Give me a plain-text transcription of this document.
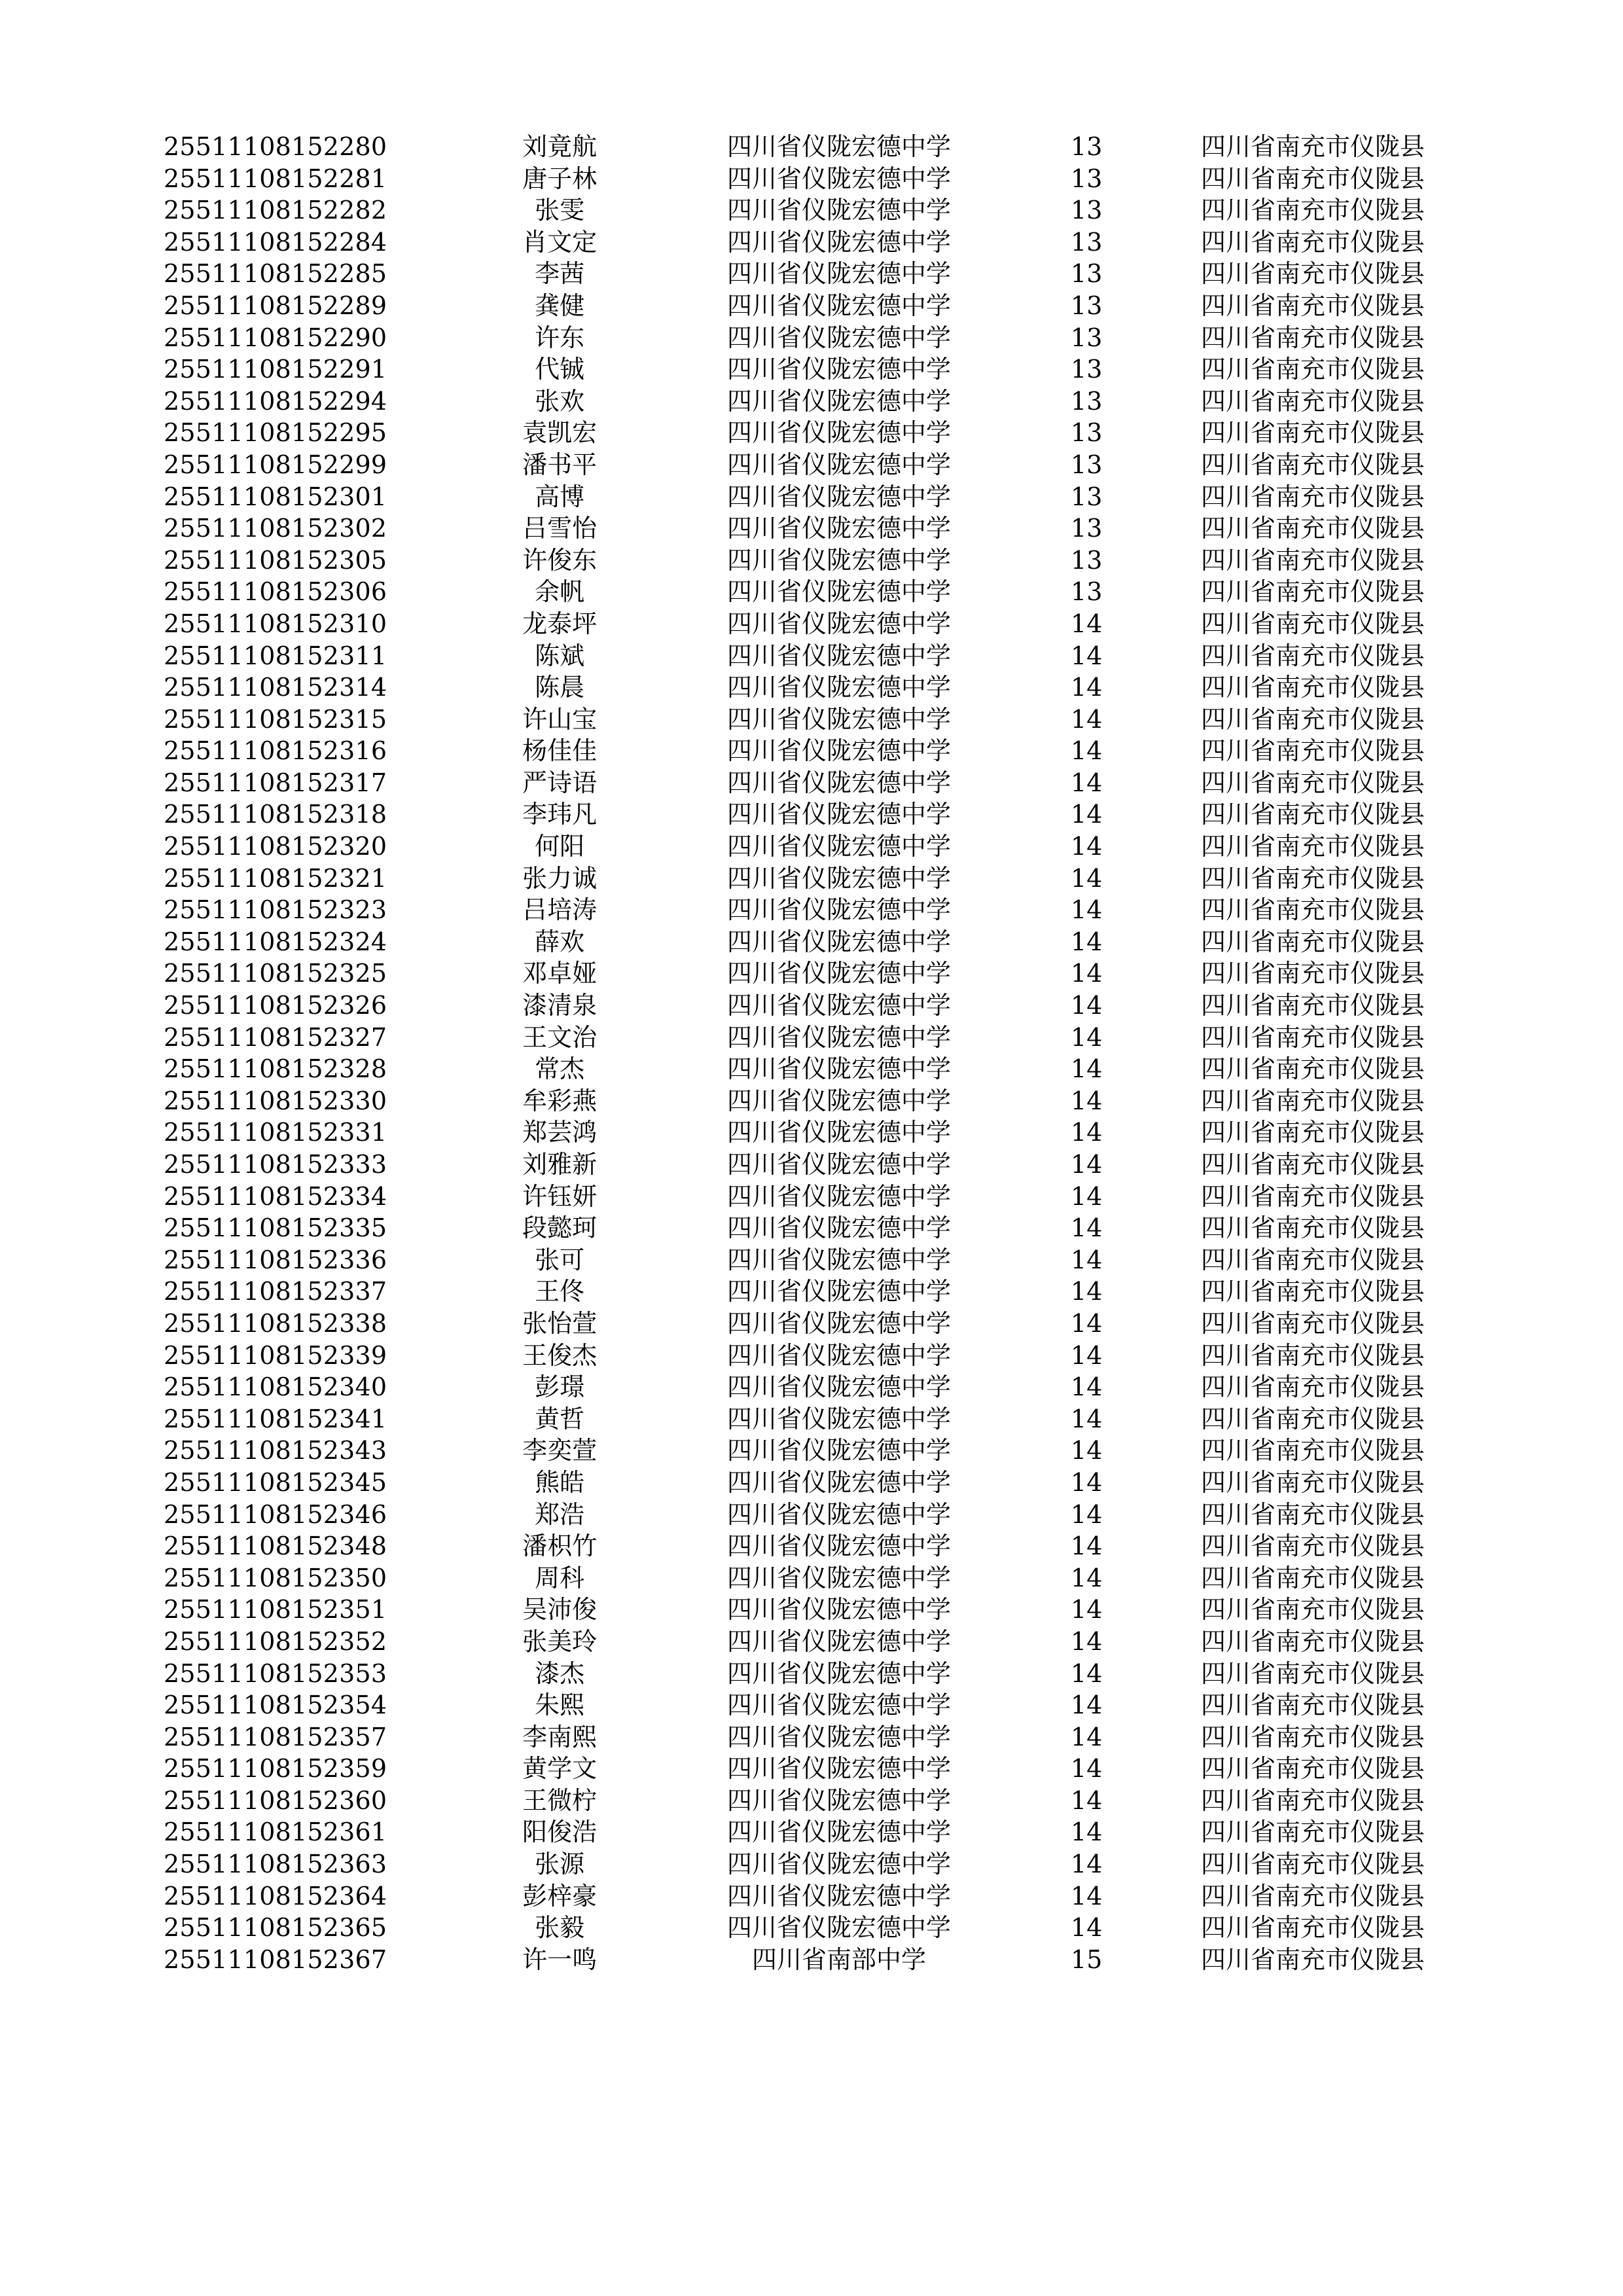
25511108152280	刘竟航	四川省仪陇宏德中学	13	四川省南充市仪陇县
25511108152281	唐子林	四川省仪陇宏德中学	13	四川省南充市仪陇县
25511108152282	张雯	四川省仪陇宏德中学	13	四川省南充市仪陇县
25511108152284	肖文定	四川省仪陇宏德中学	13	四川省南充市仪陇县
25511108152285	李茜	四川省仪陇宏德中学	13	四川省南充市仪陇县
25511108152289	龚健	四川省仪陇宏德中学	13	四川省南充市仪陇县
25511108152290	许东	四川省仪陇宏德中学	13	四川省南充市仪陇县
25511108152291	代铖	四川省仪陇宏德中学	13	四川省南充市仪陇县
25511108152294	张欢	四川省仪陇宏德中学	13	四川省南充市仪陇县
25511108152295	袁凯宏	四川省仪陇宏德中学	13	四川省南充市仪陇县
25511108152299	潘书平	四川省仪陇宏德中学	13	四川省南充市仪陇县
25511108152301	高博	四川省仪陇宏德中学	13	四川省南充市仪陇县
25511108152302	吕雪怡	四川省仪陇宏德中学	13	四川省南充市仪陇县
25511108152305	许俊东	四川省仪陇宏德中学	13	四川省南充市仪陇县
25511108152306	余帆	四川省仪陇宏德中学	13	四川省南充市仪陇县
25511108152310	龙泰坪	四川省仪陇宏德中学	14	四川省南充市仪陇县
25511108152311	陈斌	四川省仪陇宏德中学	14	四川省南充市仪陇县
25511108152314	陈晨	四川省仪陇宏德中学	14	四川省南充市仪陇县
25511108152315	许山宝	四川省仪陇宏德中学	14	四川省南充市仪陇县
25511108152316	杨佳佳	四川省仪陇宏德中学	14	四川省南充市仪陇县
25511108152317	严诗语	四川省仪陇宏德中学	14	四川省南充市仪陇县
25511108152318	李玮凡	四川省仪陇宏德中学	14	四川省南充市仪陇县
25511108152320	何阳	四川省仪陇宏德中学	14	四川省南充市仪陇县
25511108152321	张力诚	四川省仪陇宏德中学	14	四川省南充市仪陇县
25511108152323	吕培涛	四川省仪陇宏德中学	14	四川省南充市仪陇县
25511108152324	薛欢	四川省仪陇宏德中学	14	四川省南充市仪陇县
25511108152325	邓卓娅	四川省仪陇宏德中学	14	四川省南充市仪陇县
25511108152326	漆清泉	四川省仪陇宏德中学	14	四川省南充市仪陇县
25511108152327	王文治	四川省仪陇宏德中学	14	四川省南充市仪陇县
25511108152328	常杰	四川省仪陇宏德中学	14	四川省南充市仪陇县
25511108152330	牟彩燕	四川省仪陇宏德中学	14	四川省南充市仪陇县
25511108152331	郑芸鸿	四川省仪陇宏德中学	14	四川省南充市仪陇县
25511108152333	刘雅新	四川省仪陇宏德中学	14	四川省南充市仪陇县
25511108152334	许钰妍	四川省仪陇宏德中学	14	四川省南充市仪陇县
25511108152335	段懿珂	四川省仪陇宏德中学	14	四川省南充市仪陇县
25511108152336	张可	四川省仪陇宏德中学	14	四川省南充市仪陇县
25511108152337	王佟	四川省仪陇宏德中学	14	四川省南充市仪陇县
25511108152338	张怡萱	四川省仪陇宏德中学	14	四川省南充市仪陇县
25511108152339	王俊杰	四川省仪陇宏德中学	14	四川省南充市仪陇县
25511108152340	彭璟	四川省仪陇宏德中学	14	四川省南充市仪陇县
25511108152341	黄哲	四川省仪陇宏德中学	14	四川省南充市仪陇县
25511108152343	李奕萱	四川省仪陇宏德中学	14	四川省南充市仪陇县
25511108152345	熊皓	四川省仪陇宏德中学	14	四川省南充市仪陇县
25511108152346	郑浩	四川省仪陇宏德中学	14	四川省南充市仪陇县
25511108152348	潘枳竹	四川省仪陇宏德中学	14	四川省南充市仪陇县
25511108152350	周科	四川省仪陇宏德中学	14	四川省南充市仪陇县
25511108152351	吴沛俊	四川省仪陇宏德中学	14	四川省南充市仪陇县
25511108152352	张美玲	四川省仪陇宏德中学	14	四川省南充市仪陇县
25511108152353	漆杰	四川省仪陇宏德中学	14	四川省南充市仪陇县
25511108152354	朱熙	四川省仪陇宏德中学	14	四川省南充市仪陇县
25511108152357	李南熙	四川省仪陇宏德中学	14	四川省南充市仪陇县
25511108152359	黄学文	四川省仪陇宏德中学	14	四川省南充市仪陇县
25511108152360	王微柠	四川省仪陇宏德中学	14	四川省南充市仪陇县
25511108152361	阳俊浩	四川省仪陇宏德中学	14	四川省南充市仪陇县
25511108152363	张源	四川省仪陇宏德中学	14	四川省南充市仪陇县
25511108152364	彭梓豪	四川省仪陇宏德中学	14	四川省南充市仪陇县
25511108152365	张毅	四川省仪陇宏德中学	14	四川省南充市仪陇县
25511108152367	许一鸣	四川省南部中学	15	四川省南充市仪陇县
